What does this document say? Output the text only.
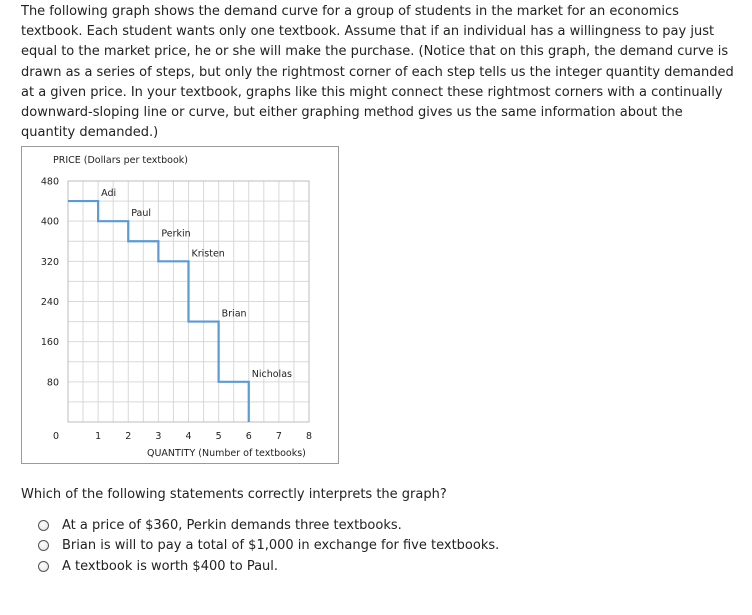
The following graph shows the demand curve for a group of students in the market for an economics textbook. Each student wants only one textbook. Assume that if an individual has a willingness to pay just equal to the market price, he or she will make the purchase. (Notice that on this graph, the demand curve is drawn as a series of steps, but only the rightmost corner of each step tells us the integer quantity demanded at a given price. In your textbook, graphs like this might connect these rightmost corners with a continually downward-sloping line or curve, but either graphing method gives us the same information about the quantity demanded.)
PRICE (Dollars per textbook)
QUANTITY (Number of textbooks)
80
160
240
320
400
480
0	1	2	3	4	5	6	7	8
Adi
Paul
Perkin
Kristen
Brian
Nicholas
Which of the following statements correctly interprets the graph?
At a price of $360, Perkin demands three textbooks.
Brian is will to pay a total of $1,000 in exchange for five textbooks.
A textbook is worth $400 to Paul.
